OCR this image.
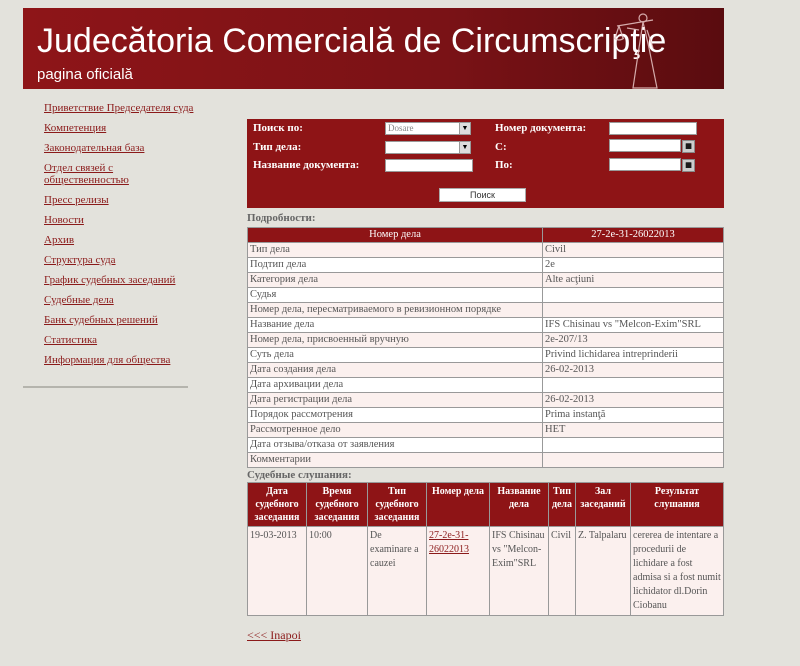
Judecătoria Comercială de Circumscripţie
pagina oficială
Приветствие Председателя суда
Компетенция
Законодательная база
Отдел связей с общественностью
Пресс релизы
Новости
Архив
Структура суда
График судебных заседаний
Судебные дела
Банк судебных решений
Статистика
Информация для общества
Поиск по:	Dosare	▼
Тип дела:	▼
Название документа:
Номер документа:
С:	▦
По:	▦
Поиск
Подробности:
Номер дела	27-2e-31-26022013
Тип дела	Civil
Подтип дела	2e
Категория дела	Alte acţiuni
Судья	
Номер дела, пересматриваемого в ревизионном порядке	
Название дела	IFS Chisinau vs "Melcon-Exim"SRL
Номер дела, присвоенный вручную	2e-207/13
Суть дела	Privind lichidarea intreprinderii
Дата создания дела	26-02-2013
Дата архивации дела	
Дата регистрации дела	26-02-2013
Порядок рассмотрения	Prima instanţă
Рассмотренное дело	НЕТ
Дата отзыва/отказа от заявления	
Комментарии	
Судебные слушания:
Дата судебного заседания	Время судебного заседания	Тип судебного заседания	Номер дела	Название дела	Тип дела	Зал заседаний	Результат слушания
19-03-2013	10:00	De examinare a cauzei	27-2e-31-26022013	IFS Chisinau vs "Melcon-Exim"SRL	Civil	Z. Talpalaru	cererea de intentare a procedurii de lichidare a fost admisa si a fost numit lichidator dl.Dorin Ciobanu
<<< Inapoi
